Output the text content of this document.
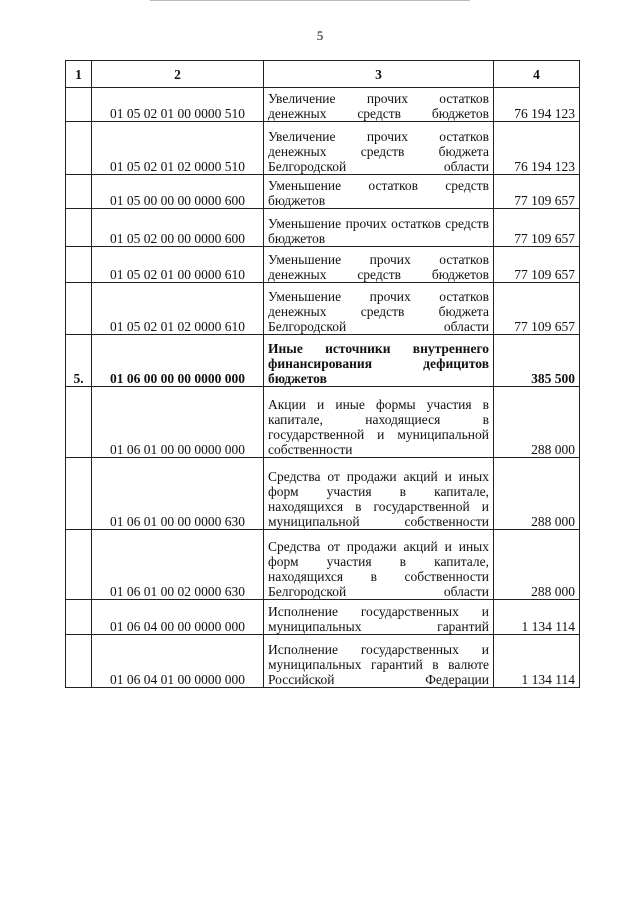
5
1	2	3	4
	01 05 02 01 00 0000 510	Увеличение прочих остатков денежных средств бюджетов	76 194 123
	01 05 02 01 02 0000 510	Увеличение прочих остатков денежных средств бюджета Белгородской области	76 194 123
	01 05 00 00 00 0000 600	Уменьшение остатков средств бюджетов	77 109 657
	01 05 02 00 00 0000 600	Уменьшение прочих остатков средств бюджетов	77 109 657
	01 05 02 01 00 0000 610	Уменьшение прочих остатков денежных средств бюджетов	77 109 657
	01 05 02 01 02 0000 610	Уменьшение прочих остатков денежных средств бюджета Белгородской области	77 109 657
5.	01 06 00 00 00 0000 000	Иные источники внутреннего финансирования дефицитов бюджетов	385 500
	01 06 01 00 00 0000 000	Акции и иные формы участия в капитале, находящиеся в государственной и муниципальной собственности	288 000
	01 06 01 00 00 0000 630	Средства от продажи акций и иных форм участия в капитале, находящихся в государственной и муниципальной собственности	288 000
	01 06 01 00 02 0000 630	Средства от продажи акций и иных форм участия в капитале, находящихся в собственности Белгородской области	288 000
	01 06 04 00 00 0000 000	Исполнение государственных и муниципальных гарантий	1 134 114
	01 06 04 01 00 0000 000	Исполнение государственных и муниципальных гарантий в валюте Российской Федерации	1 134 114
